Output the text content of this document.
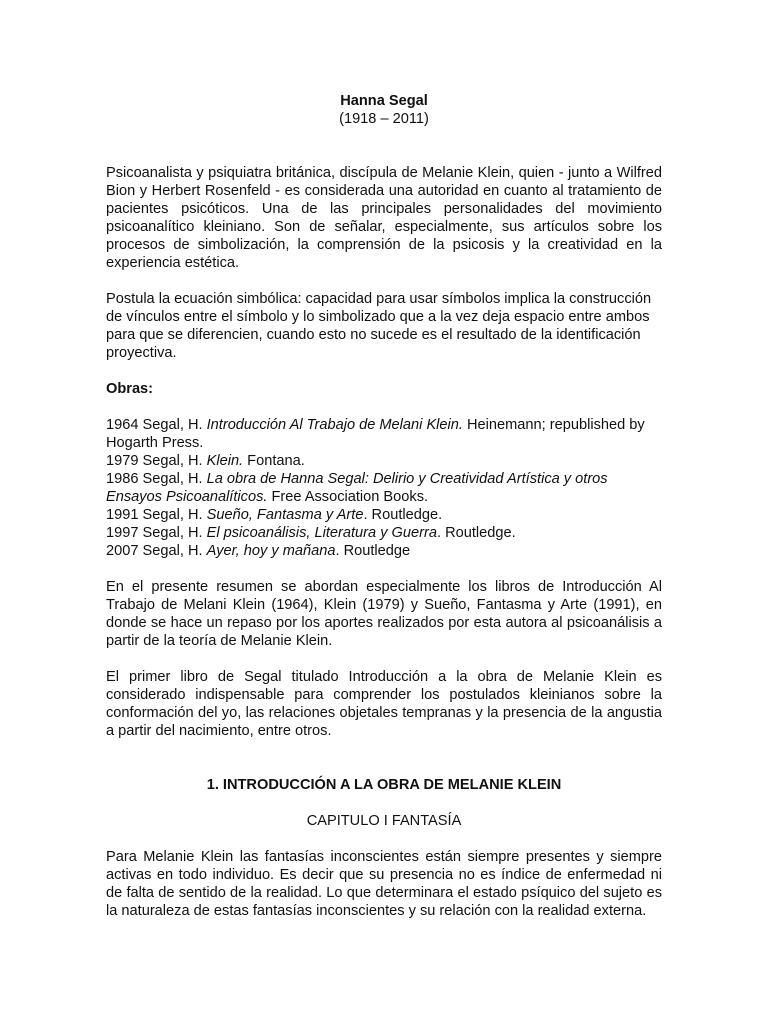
Hanna Segal

(1918 – 2011)

Psicoanalista y psiquiatra británica, discípula de Melanie Klein, quien - junto a Wilfred Bion y Herbert Rosenfeld - es considerada una autoridad en cuanto al tratamiento de pacientes psicóticos. Una de las principales personalidades del movimiento psicoanalítico kleiniano. Son de señalar, especialmente, sus artículos sobre los procesos de simbolización, la comprensión de la psicosis y la creatividad en la experiencia estética.

Postula la ecuación simbólica: capacidad para usar símbolos implica la construcción de vínculos entre el símbolo y lo simbolizado que a la vez deja espacio entre ambos para que se diferencien, cuando esto no sucede es el resultado de la identificación proyectiva.

Obras:

1964 Segal, H. Introducción Al Trabajo de Melani Klein. Heinemann; republished by Hogarth Press.

1979 Segal, H. Klein. Fontana.

1986 Segal, H. La obra de Hanna Segal: Delirio y Creatividad Artística y otros Ensayos Psicoanalíticos. Free Association Books.

1991 Segal, H. Sueño, Fantasma y Arte. Routledge.

1997 Segal, H. El psicoanálisis, Literatura y Guerra. Routledge.

2007 Segal, H. Ayer, hoy y mañana. Routledge

En el presente resumen se abordan especialmente los libros de Introducción Al Trabajo de Melani Klein (1964), Klein (1979) y Sueño, Fantasma y Arte (1991), en donde se hace un repaso por los aportes realizados por esta autora al psicoanálisis a partir de la teoría de Melanie Klein.

El primer libro de Segal titulado Introducción a la obra de Melanie Klein es considerado indispensable para comprender los postulados kleinianos sobre la conformación del yo, las relaciones objetales tempranas y la presencia de la angustia a partir del nacimiento, entre otros.

1. INTRODUCCIÓN A LA OBRA DE MELANIE KLEIN

CAPITULO I FANTASÍA

Para Melanie Klein las fantasías inconscientes están siempre presentes y siempre activas en todo individuo. Es decir que su presencia no es índice de enfermedad ni de falta de sentido de la realidad. Lo que determinara el estado psíquico del sujeto es la naturaleza de estas fantasías inconscientes y su relación con la realidad externa.
